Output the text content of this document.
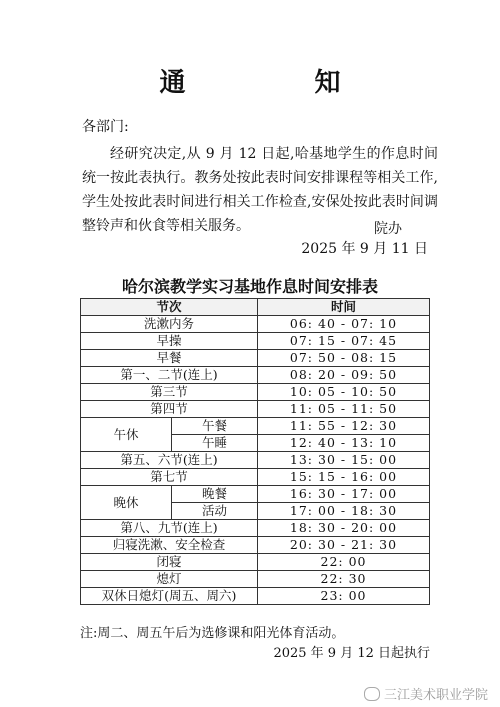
通 知
各部门:
经研究决定,从 9 月 12 日起,哈基地学生的作息时间统一按此表执行。教务处按此表时间安排课程等相关工作,学生处按此表时间进行相关工作检查,安保处按此表时间调整铃声和伙食等相关服务。	院办
2025 年 9 月 11 日
哈尔滨教学实习基地作息时间安排表
节次		时间
洗漱内务		06: 40 - 07: 10
早操		07: 15 - 07: 45
早餐		07: 50 - 08: 15
第一、二节(连上)		08: 20 - 09: 50
第三节		10: 05 - 10: 50
第四节		11: 05 - 11: 50
午休	午餐	11: 55 - 12: 30
	午睡	12: 40 - 13: 10
第五、六节(连上)		13: 30 - 15: 00
第七节		15: 15 - 16: 00
晚休	晚餐	16: 30 - 17: 00
	活动	17: 00 - 18: 30
第八、九节(连上)		18: 30 - 20: 00
归寝洗漱、安全检查		20: 30 - 21: 30
闭寝		22: 00
熄灯		22: 30
双休日熄灯(周五、周六)		23: 00
注:周二、周五午后为选修课和阳光体育活动。
2025 年 9 月 12 日起执行
三江美术职业学院
